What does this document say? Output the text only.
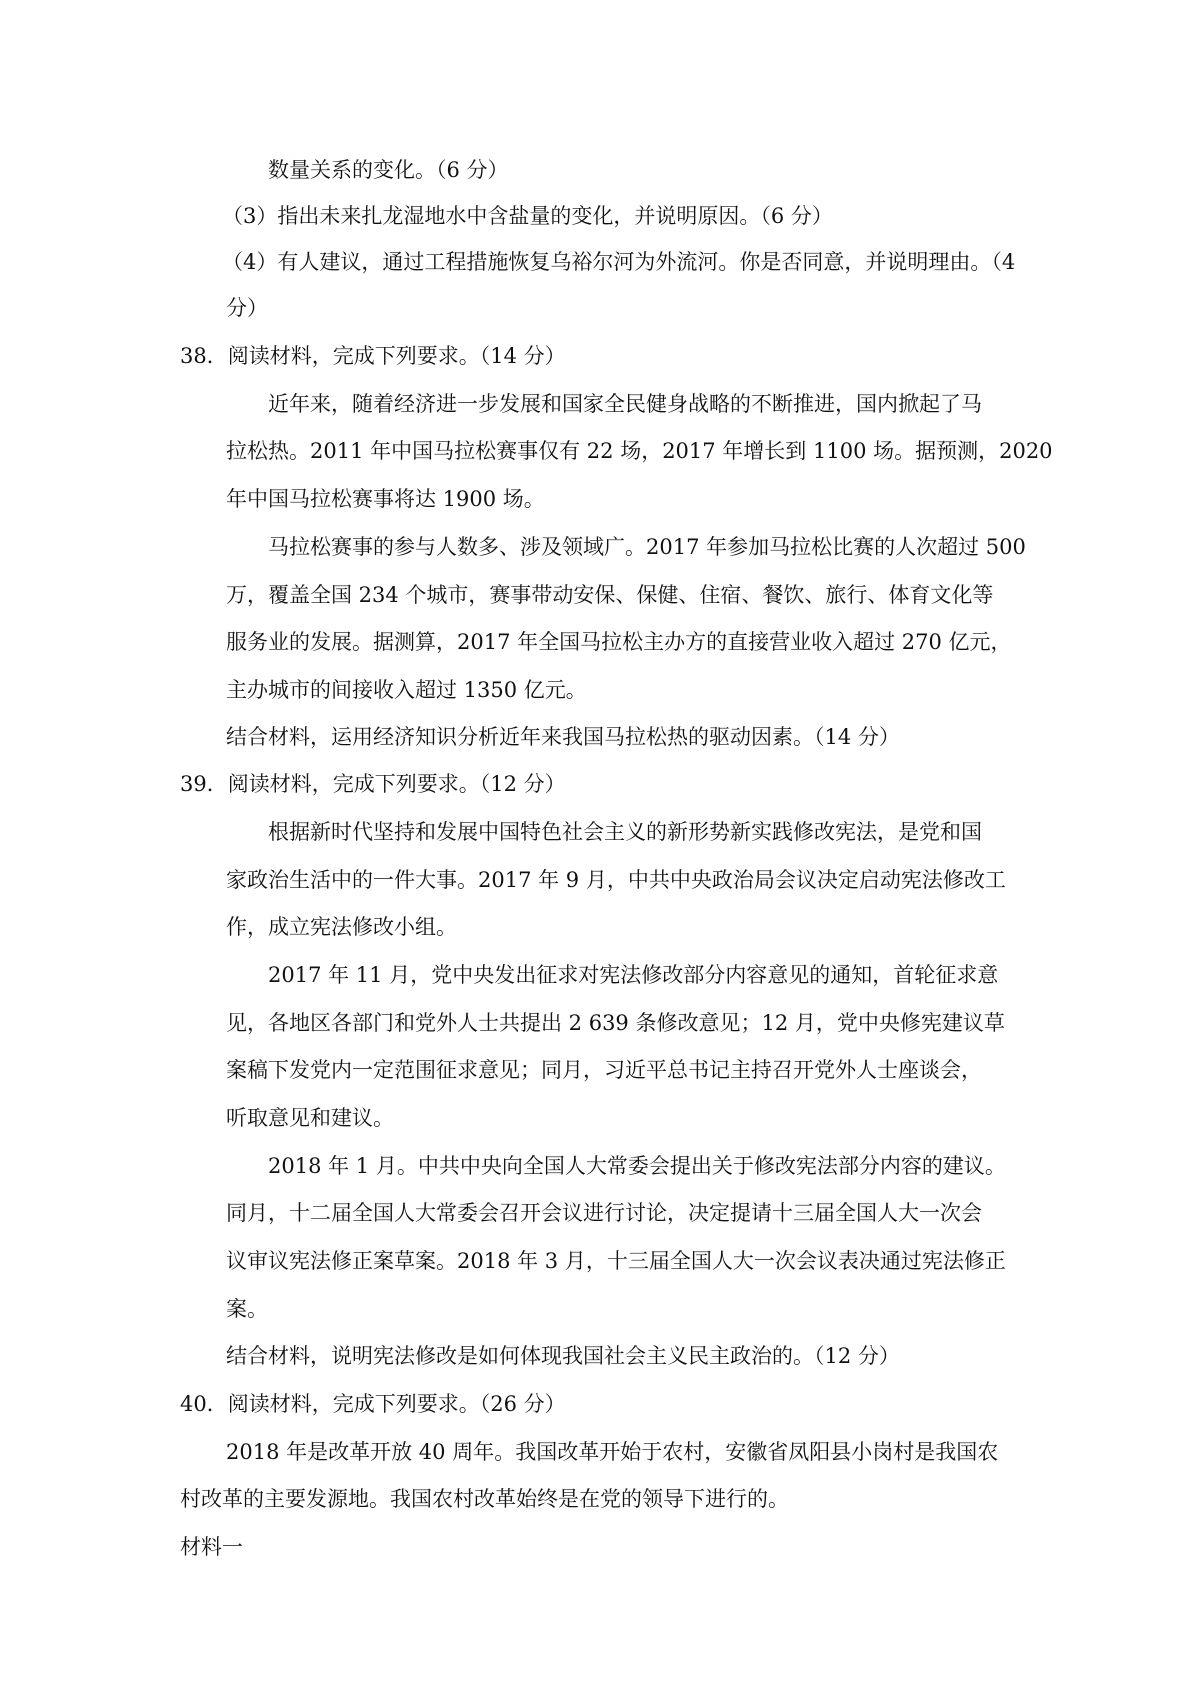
数量关系的变化。（6 分）
（3）指出未来扎龙湿地水中含盐量的变化，并说明原因。（6 分）
（4）有人建议，通过工程措施恢复乌裕尔河为外流河。你是否同意，并说明理由。（4
分）
38．阅读材料，完成下列要求。（14 分）
近年来，随着经济进一步发展和国家全民健身战略的不断推进，国内掀起了马
拉松热。2011 年中国马拉松赛事仅有 22 场，2017 年增长到 1100 场。据预测，2020
年中国马拉松赛事将达 1900 场。
马拉松赛事的参与人数多、涉及领域广。2017 年参加马拉松比赛的人次超过 500
万，覆盖全国 234 个城市，赛事带动安保、保健、住宿、餐饮、旅行、体育文化等
服务业的发展。据测算，2017 年全国马拉松主办方的直接营业收入超过 270 亿元，
主办城市的间接收入超过 1350 亿元。
结合材料，运用经济知识分析近年来我国马拉松热的驱动因素。（14 分）
39．阅读材料，完成下列要求。（12 分）
根据新时代坚持和发展中国特色社会主义的新形势新实践修改宪法，是党和国
家政治生活中的一件大事。2017 年 9 月，中共中央政治局会议决定启动宪法修改工
作，成立宪法修改小组。
2017 年 11 月，党中央发出征求对宪法修改部分内容意见的通知，首轮征求意
见，各地区各部门和党外人士共提出 2 639 条修改意见；12 月，党中央修宪建议草
案稿下发党内一定范围征求意见；同月，习近平总书记主持召开党外人士座谈会，
听取意见和建议。
2018 年 1 月。中共中央向全国人大常委会提出关于修改宪法部分内容的建议。
同月，十二届全国人大常委会召开会议进行讨论，决定提请十三届全国人大一次会
议审议宪法修正案草案。2018 年 3 月，十三届全国人大一次会议表决通过宪法修正
案。
结合材料，说明宪法修改是如何体现我国社会主义民主政治的。（12 分）
40．阅读材料，完成下列要求。（26 分）
2018 年是改革开放 40 周年。我国改革开始于农村，安徽省凤阳县小岗村是我国农
村改革的主要发源地。我国农村改革始终是在党的领导下进行的。
材料一
